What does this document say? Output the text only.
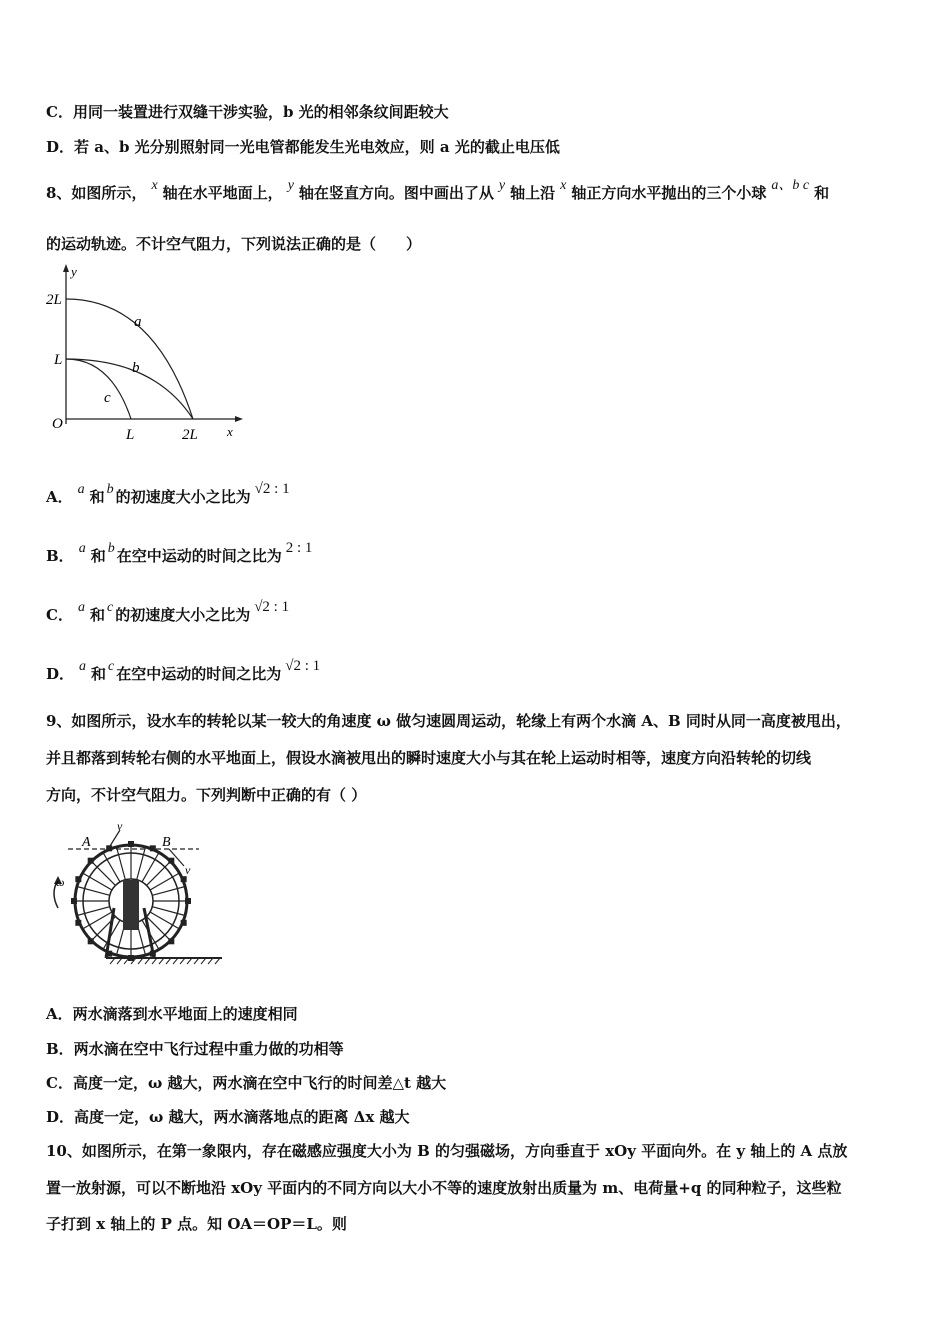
C．用同一装置进行双缝干涉实验，b 光的相邻条纹间距较大
D．若 a、b 光分别照射同一光电管都能发生光电效应，则 a 光的截止电压低
8、如图所示， x 轴在水平地面上， y 轴在竖直方向。图中画出了从 y 轴上沿 x 轴正方向水平抛出的三个小球 a、b c 和
的运动轨迹。不计空气阻力，下列说法正确的是（　　）
y
x
O
2L
L
L	2L
a
b
c
A． a 和 b 的初速度大小之比为 √2 : 1
B． a 和 b 在空中运动的时间之比为 2 : 1
C． a 和 c 的初速度大小之比为 √2 : 1
D． a 和 c 在空中运动的时间之比为 √2 : 1
9、如图所示，设水车的转轮以某一较大的角速度 ω 做匀速圆周运动，轮缘上有两个水滴 A、B 同时从同一高度被甩出，
并且都落到转轮右侧的水平地面上，假设水滴被甩出的瞬时速度大小与其在轮上运动时相等，速度方向沿转轮的切线
方向，不计空气阻力。下列判断中正确的有（ ）
A
v
B
v
ω
A．两水滴落到水平地面上的速度相同
B．两水滴在空中飞行过程中重力做的功相等
C．高度一定，ω 越大，两水滴在空中飞行的时间差△t 越大
D．高度一定，ω 越大，两水滴落地点的距离 Δx 越大
10、如图所示，在第一象限内，存在磁感应强度大小为 B 的匀强磁场，方向垂直于 xOy 平面向外。在 y 轴上的 A 点放
置一放射源，可以不断地沿 xOy 平面内的不同方向以大小不等的速度放射出质量为 m、电荷量+q 的同种粒子，这些粒
子打到 x 轴上的 P 点。知 OA＝OP＝L。则
